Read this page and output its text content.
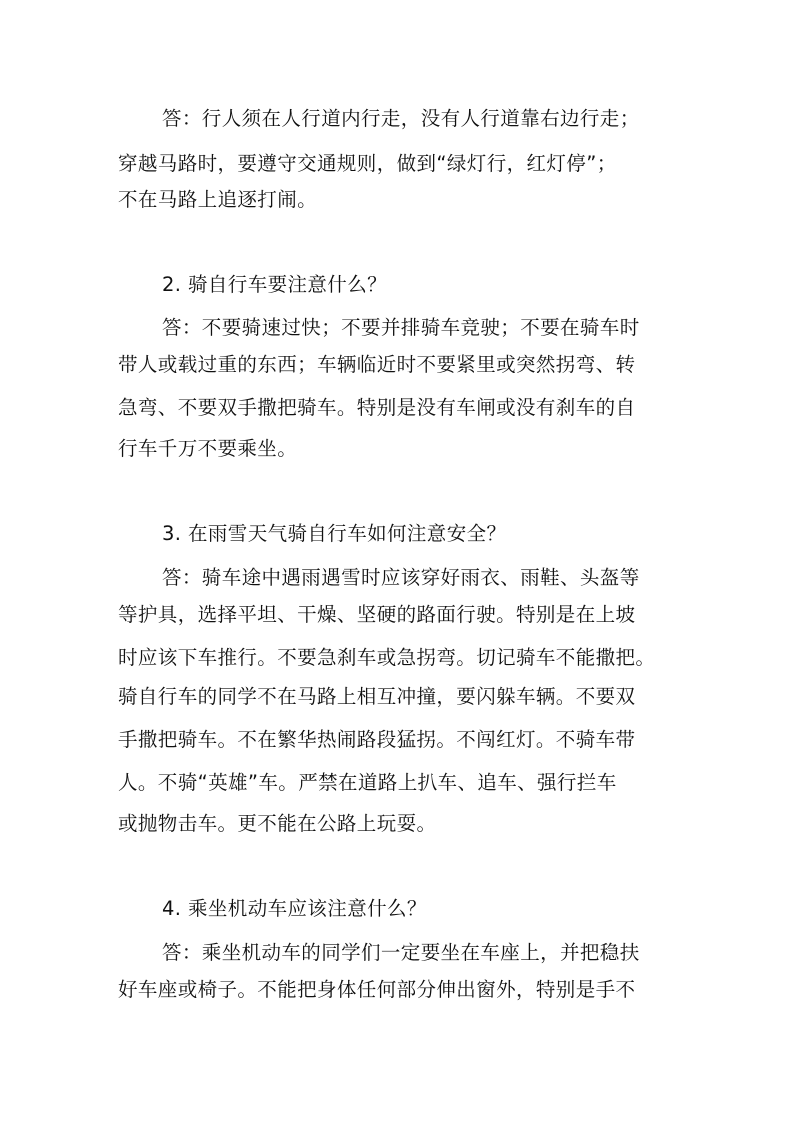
答：行人须在人行道内行走，没有人行道靠右边行走；
穿越马路时，要遵守交通规则，做到“绿灯行，红灯停”；
不在马路上追逐打闹。
2. 骑自行车要注意什么？
答：不要骑速过快；不要并排骑车竞驶；不要在骑车时
带人或载过重的东西；车辆临近时不要紧里或突然拐弯、转
急弯、不要双手撒把骑车。特别是没有车闸或没有刹车的自
行车千万不要乘坐。
3. 在雨雪天气骑自行车如何注意安全？
答：骑车途中遇雨遇雪时应该穿好雨衣、雨鞋、头盔等
等护具，选择平坦、干燥、坚硬的路面行驶。特别是在上坡
时应该下车推行。不要急刹车或急拐弯。切记骑车不能撒把。
骑自行车的同学不在马路上相互冲撞，要闪躲车辆。不要双
手撒把骑车。不在繁华热闹路段猛拐。不闯红灯。不骑车带
人。不骑“英雄”车。严禁在道路上扒车、追车、强行拦车
或抛物击车。更不能在公路上玩耍。
4. 乘坐机动车应该注意什么？
答：乘坐机动车的同学们一定要坐在车座上，并把稳扶
好车座或椅子。不能把身体任何部分伸出窗外，特别是手不
